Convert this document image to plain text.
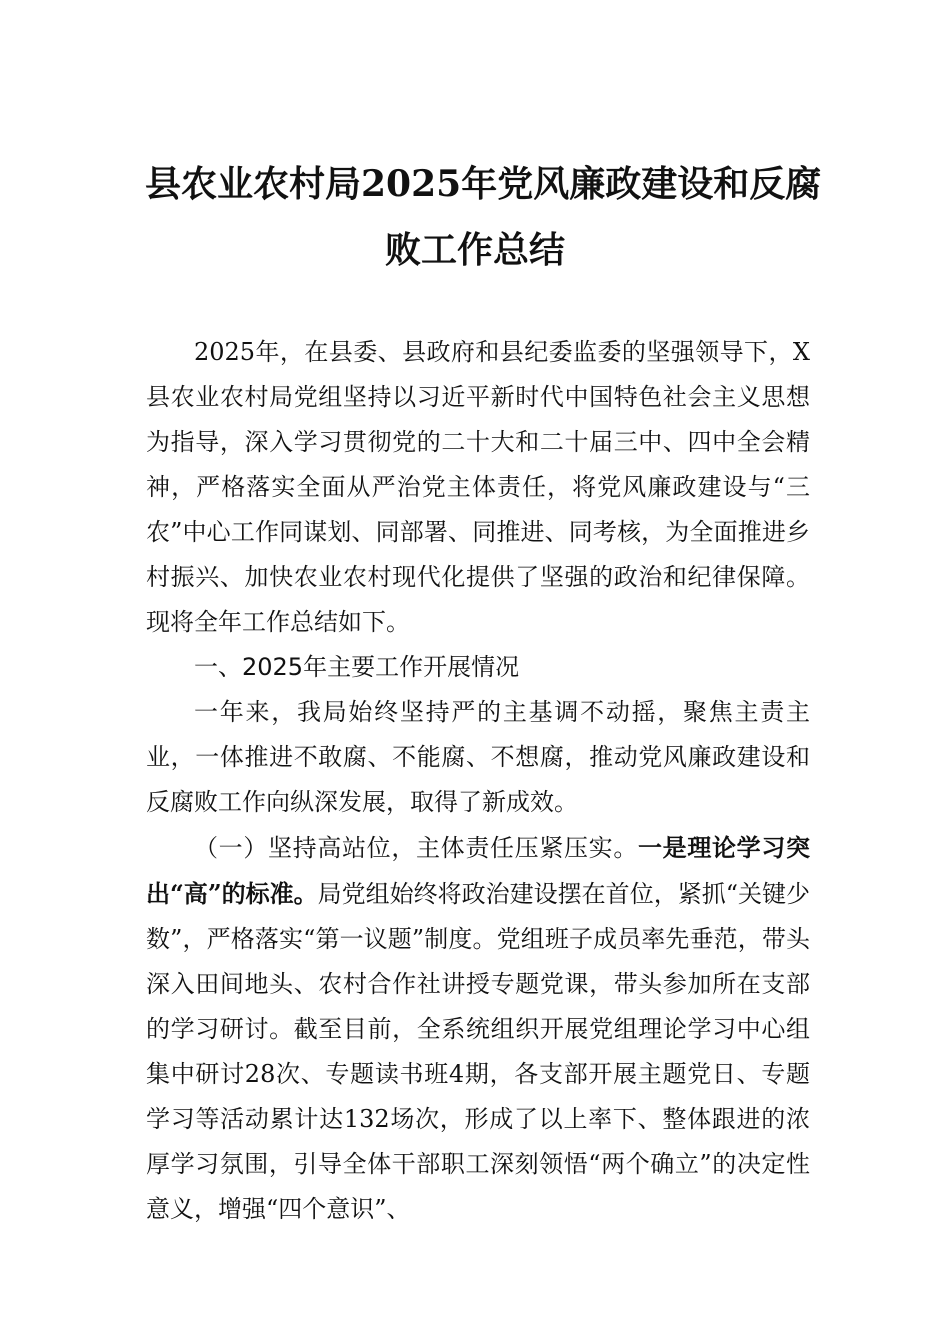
县农业农村局2025年党风廉政建设和反腐
败工作总结

2025年，在县委、县政府和县纪委监委的坚强领导下，X县农业农村局党组坚持以习近平新时代中国特色社会主义思想为指导，深入学习贯彻党的二十大和二十届三中、四中全会精神，严格落实全面从严治党主体责任，将党风廉政建设与“三农”中心工作同谋划、同部署、同推进、同考核，为全面推进乡村振兴、加快农业农村现代化提供了坚强的政治和纪律保障。现将全年工作总结如下。

一、2025年主要工作开展情况

一年来，我局始终坚持严的主基调不动摇，聚焦主责主业，一体推进不敢腐、不能腐、不想腐，推动党风廉政建设和反腐败工作向纵深发展，取得了新成效。

（一）坚持高站位，主体责任压紧压实。一是理论学习突出“高”的标准。局党组始终将政治建设摆在首位，紧抓“关键少数”，严格落实“第一议题”制度。党组班子成员率先垂范，带头深入田间地头、农村合作社讲授专题党课，带头参加所在支部的学习研讨。截至目前，全系统组织开展党组理论学习中心组集中研讨28次、专题读书班4期，各支部开展主题党日、专题学习等活动累计达132场次，形成了以上率下、整体跟进的浓厚学习氛围，引导全体干部职工深刻领悟“两个确立”的决定性意义，增强“四个意识”、
